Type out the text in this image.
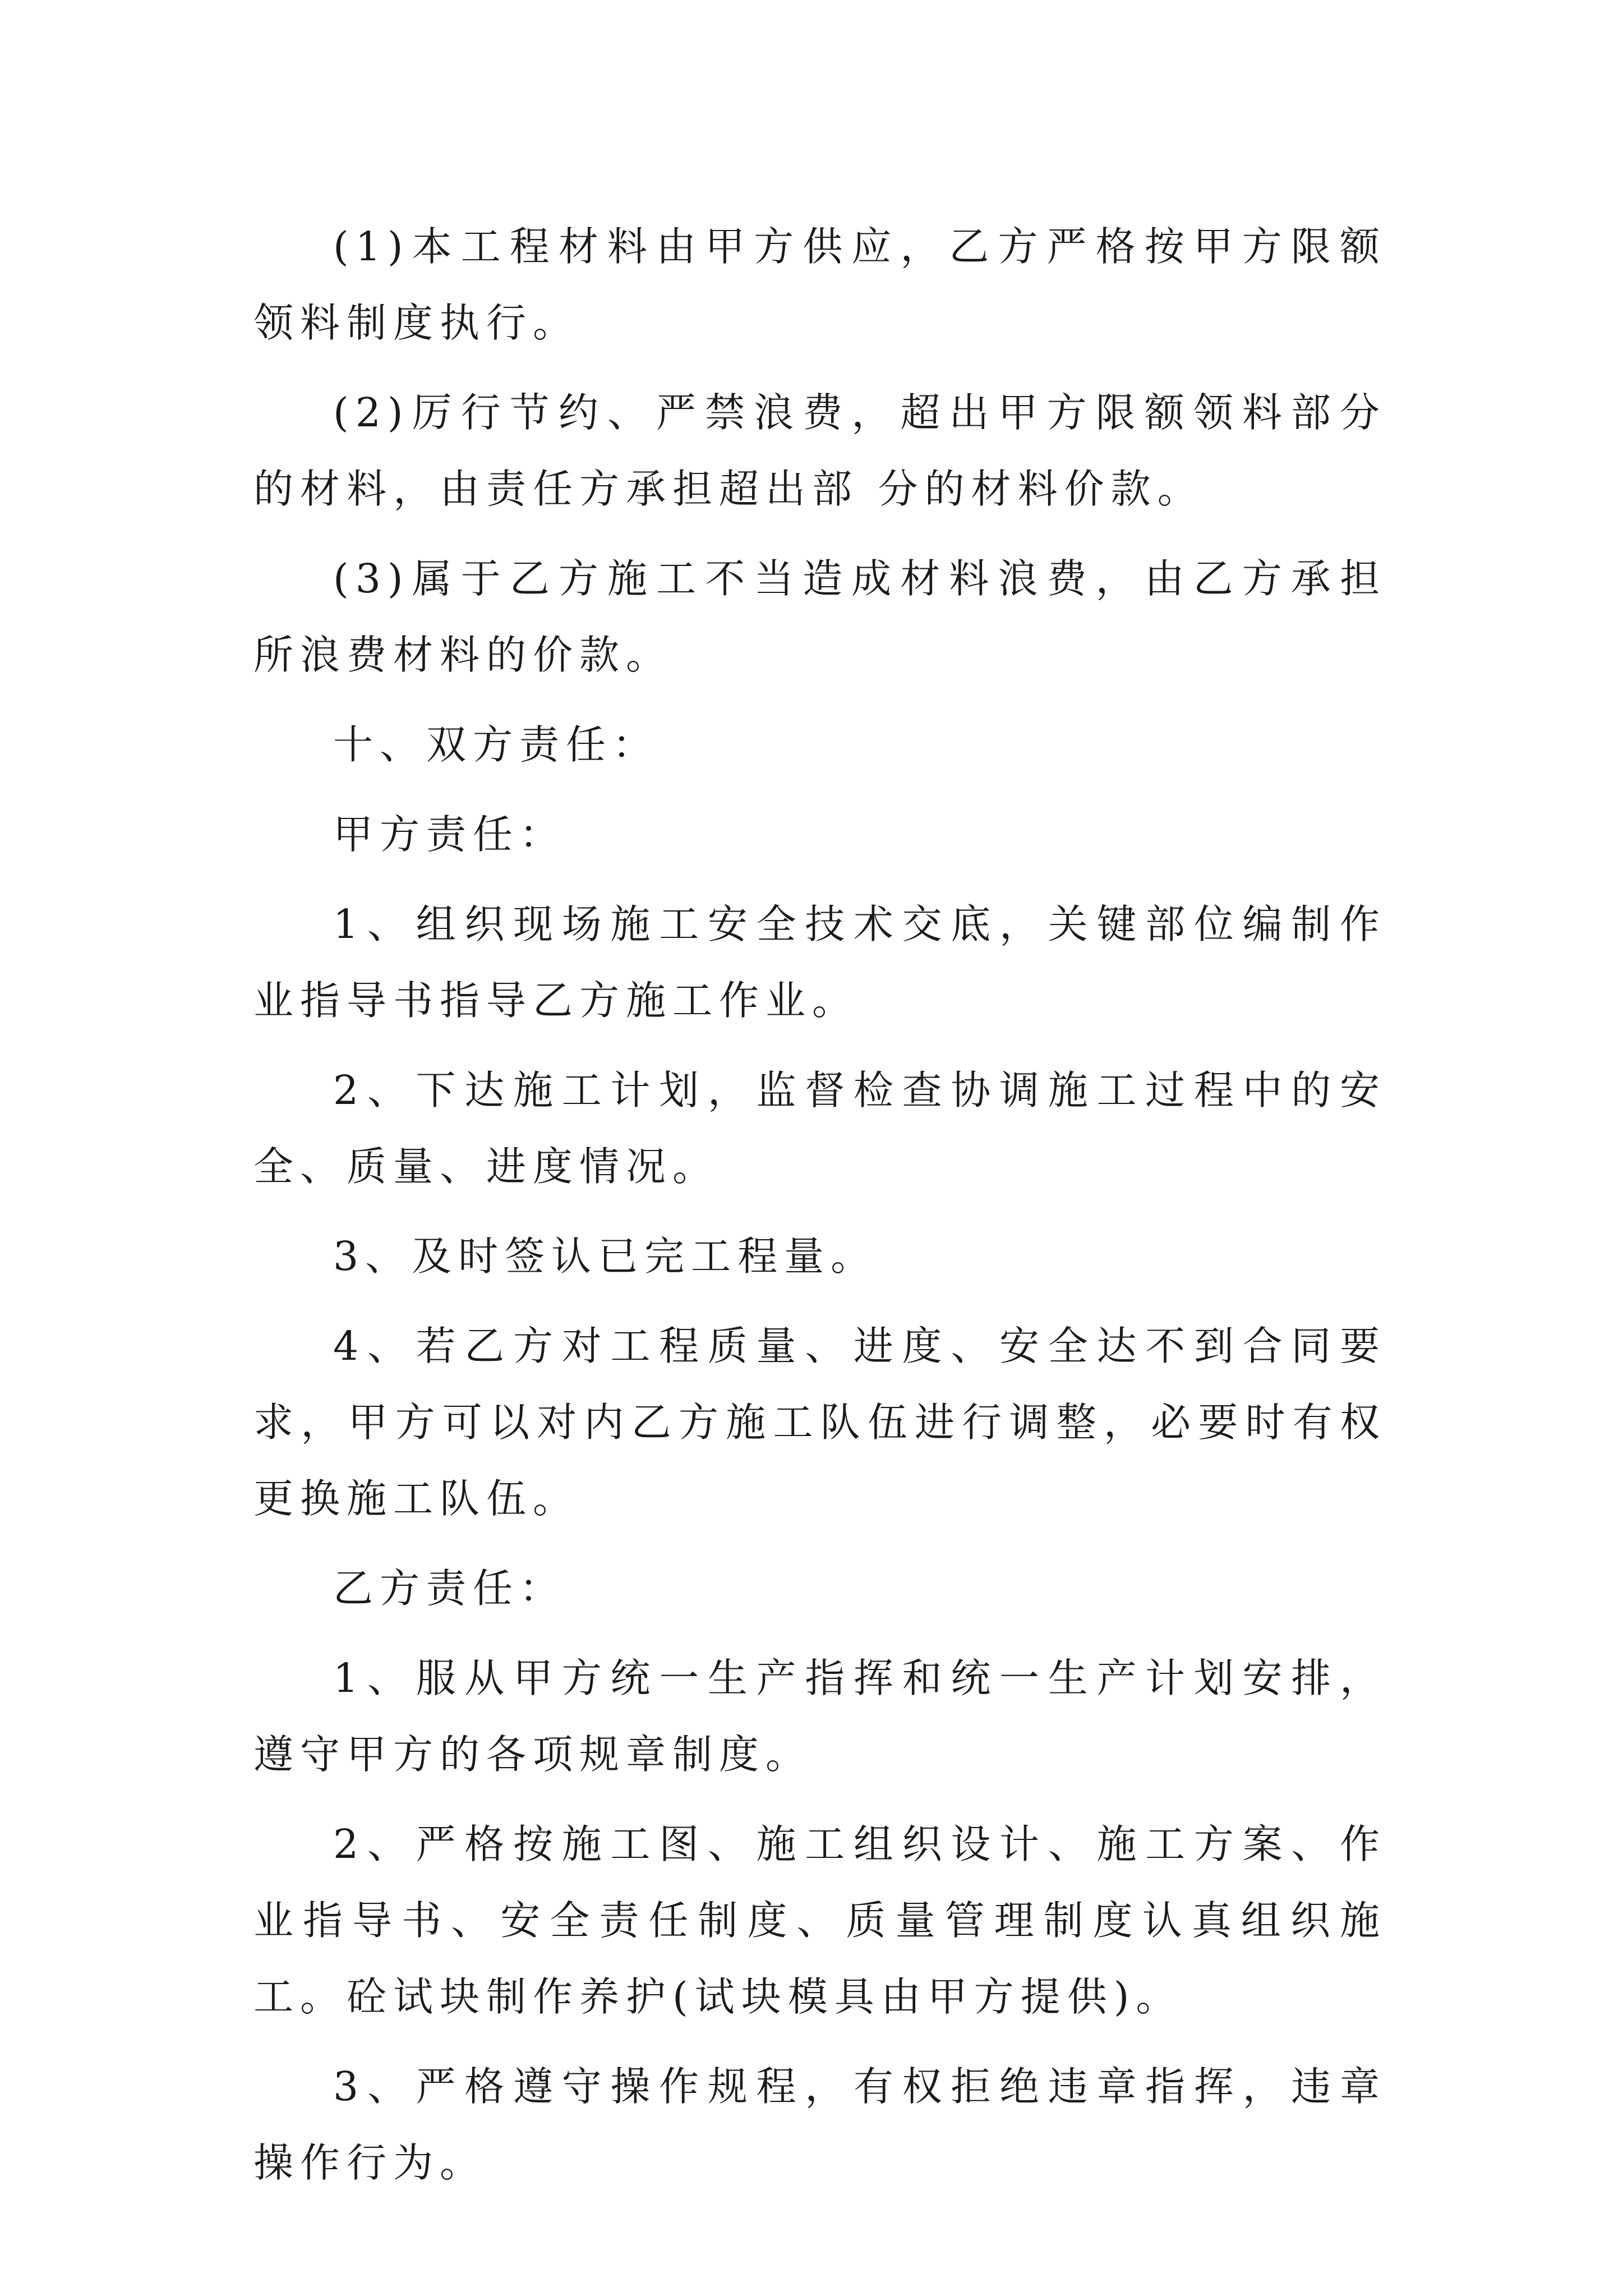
(1)本工程材料由甲方供应，乙方严格按甲方限额领料制度执行。

(2)厉行节约、严禁浪费，超出甲方限额领料部分的材料，由责任方承担超出部 分的材料价款。

(3)属于乙方施工不当造成材料浪费，由乙方承担所浪费材料的价款。

十、双方责任：

甲方责任：

1、组织现场施工安全技术交底，关键部位编制作业指导书指导乙方施工作业。

2、下达施工计划，监督检查协调施工过程中的安全、质量、进度情况。

3、及时签认已完工程量。

4、若乙方对工程质量、进度、安全达不到合同要求，甲方可以对内乙方施工队伍进行调整，必要时有权更换施工队伍。

乙方责任：

1、服从甲方统一生产指挥和统一生产计划安排，遵守甲方的各项规章制度。

2、严格按施工图、施工组织设计、施工方案、作业指导书、安全责任制度、质量管理制度认真组织施工。砼试块制作养护(试块模具由甲方提供)。

3、严格遵守操作规程，有权拒绝违章指挥，违章操作行为。
